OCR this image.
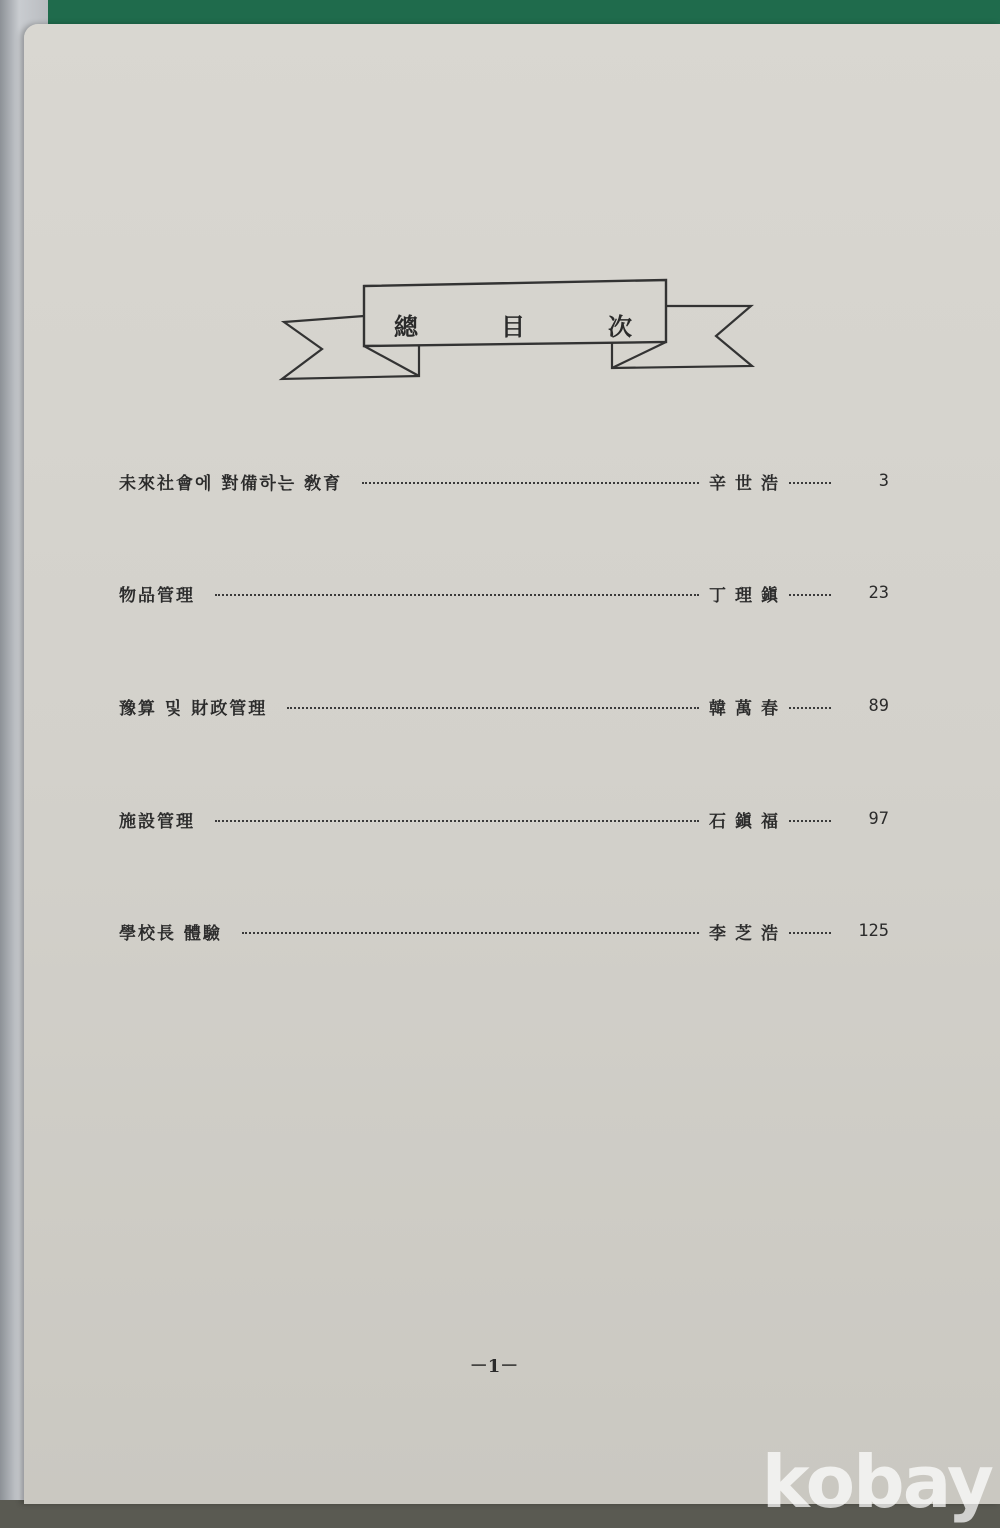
總	目	次
未來社會에 對備하는 敎育	辛世浩	3
物品管理	丁理鎭	23
豫算 및 財政管理	韓萬春	89
施設管理	石鎭福	97
學校長 體驗	李芝浩	125
－1－
kobay
